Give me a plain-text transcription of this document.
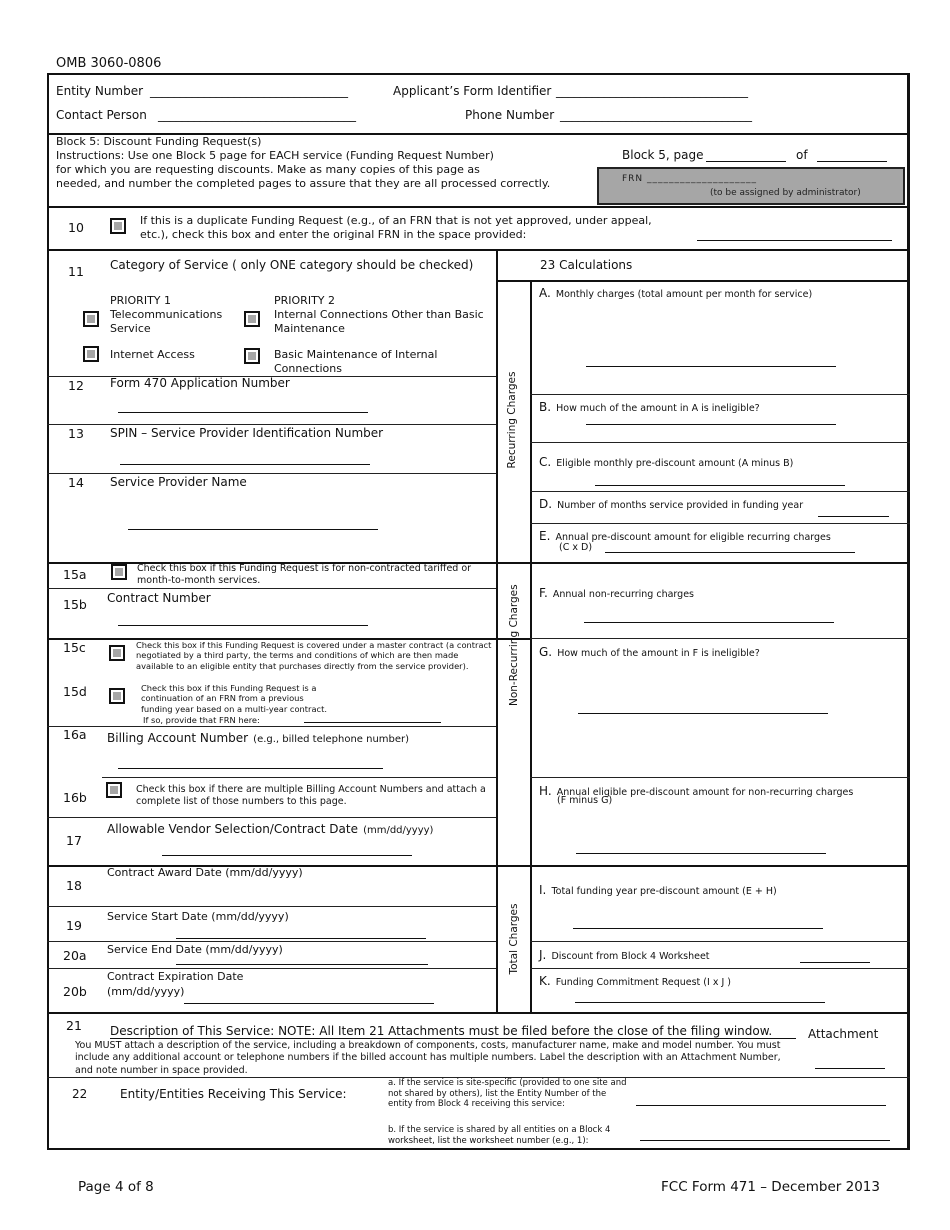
OMB 3060-0806
Entity Number _________________________________	Applicant’s Form Identifier ________________________________
Contact Person _________________________________	Phone Number ________________________________
Block 5: Discount Funding Request(s)
Instructions: Use one Block 5 page for EACH service (Funding Request Number)
for which you are requesting discounts. Make as many copies of this page as
needed, and number the completed pages to assure that they are all processed correctly.
Block 5, page	of
FRN ____________________
(to be assigned by administrator)
10	If this is a duplicate Funding Request (e.g., of an FRN that is not yet approved, under appeal, etc.), check this box and enter the original FRN in the space provided:
11 Category of Service ( only ONE category should be checked)
PRIORITY 1
Telecommunications Service
Internet Access
PRIORITY 2
Internal Connections Other than Basic Maintenance
Basic Maintenance of Internal Connections
12 Form 470 Application Number
13 SPIN – Service Provider Identification Number
14 Service Provider Name
15a	Check this box if this Funding Request is for non-contracted tariffed or month-to-month services.
15b Contract Number
15c	Check this box if this Funding Request is covered under a master contract (a contract negotiated by a third party, the terms and conditions of which are then made available to an eligible entity that purchases directly from the service provider).
15d	Check this box if this Funding Request is a continuation of an FRN from a previous funding year based on a multi-year contract.
If so, provide that FRN here:
16a Billing Account Number (e.g., billed telephone number)
16b
Check this box if there are multiple Billing Account Numbers and attach a complete list of those numbers to this page.
17
Allowable Vendor Selection/Contract Date (mm/dd/yyyy)
18
Contract Award Date (mm/dd/yyyy)
19
Service Start Date (mm/dd/yyyy)
20a Service End Date (mm/dd/yyyy)
20b
Contract Expiration Date
(mm/dd/yyyy)
23 Calculations
Recurring Charges
Non-Recurring Charges
Total Charges
A. Monthly charges (total amount per month for service)
B. How much of the amount in A is ineligible?
C. Eligible monthly pre-discount amount (A minus B)
D. Number of months service provided in funding year
E. Annual pre-discount amount for eligible recurring charges
(C x D)
F. Annual non-recurring charges
G. How much of the amount in F is ineligible?
H. Annual eligible pre-discount amount for non-recurring charges
(F minus G)
I. Total funding year pre-discount amount (E + H)
J. Discount from Block 4 Worksheet
K. Funding Commitment Request (I x J )
21 Description of This Service: NOTE: All Item 21 Attachments must be filed before the close of the filing window.	Attachment
You MUST attach a description of the service, including a breakdown of components, costs, manufacturer name, make and model number. You must include any additional account or telephone numbers if the billed account has multiple numbers. Label the description with an Attachment Number, and note number in space provided.
22	Entity/Entities Receiving This Service:
a. If the service is site-specific (provided to one site and not shared by others), list the Entity Number of the entity from Block 4 receiving this service:
b. If the service is shared by all entities on a Block 4 worksheet, list the worksheet number (e.g., 1):
Page 4 of 8	FCC Form 471 – December 2013
